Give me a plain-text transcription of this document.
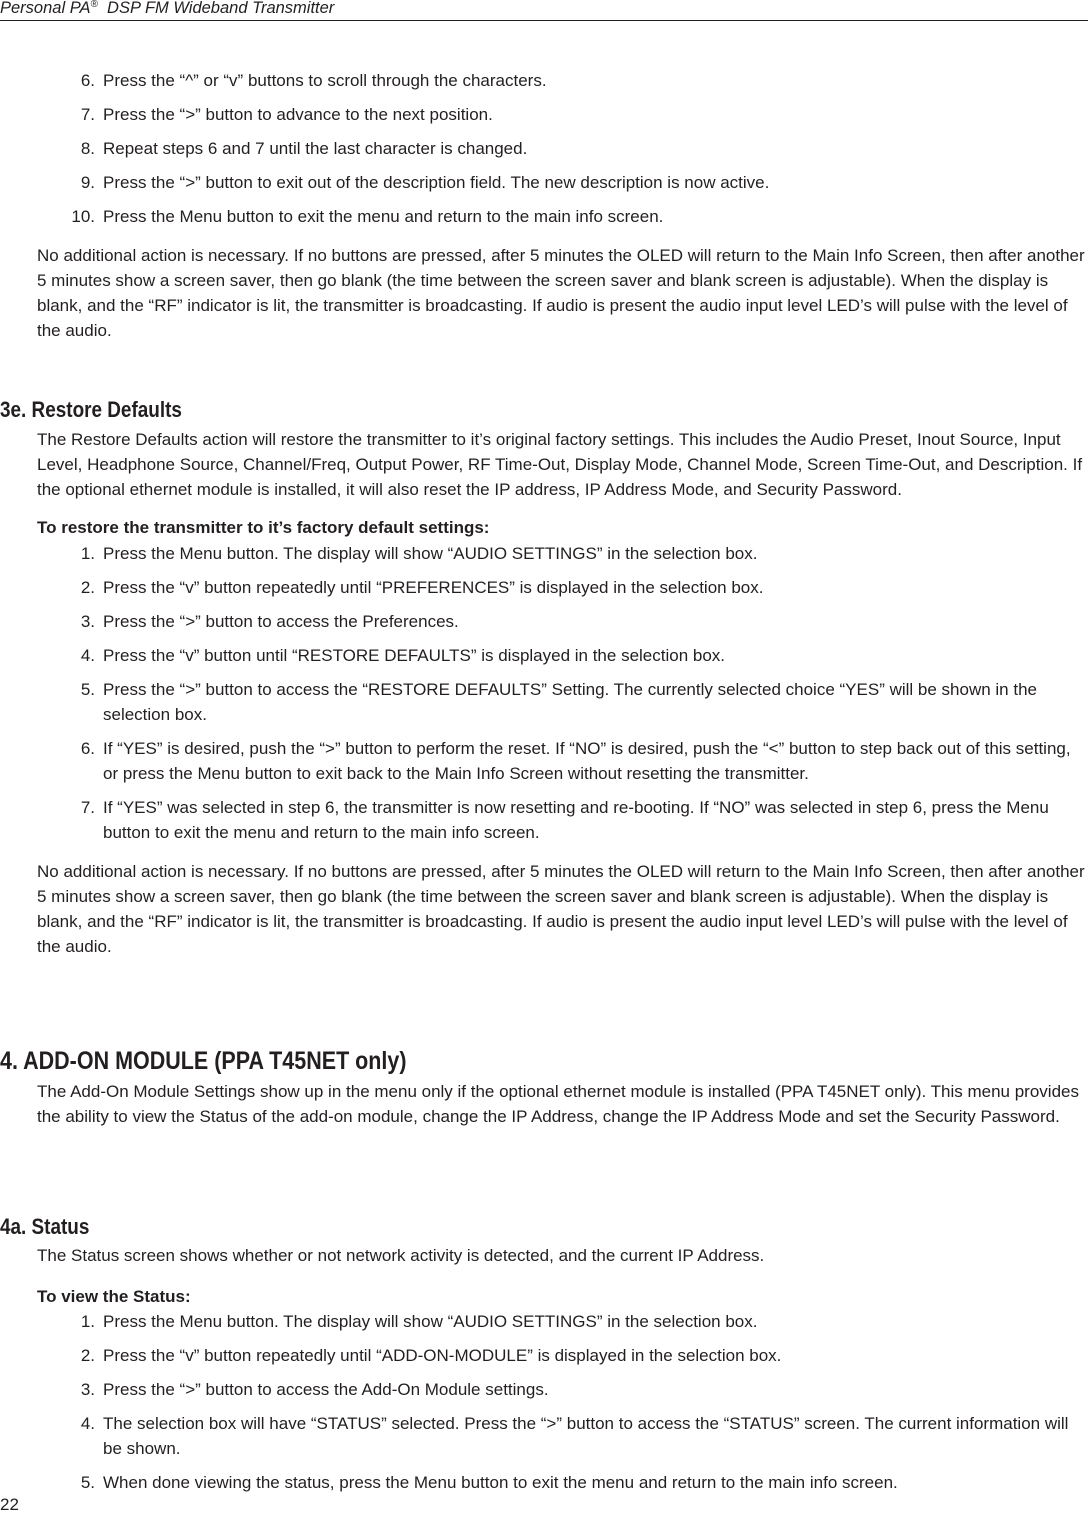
Personal PA® DSP FM Wideband Transmitter
6. Press the “^” or “v” buttons to scroll through the characters.
7. Press the “>” button to advance to the next position.
8. Repeat steps 6 and 7 until the last character is changed.
9. Press the “>” button to exit out of the description field. The new description is now active.
10. Press the Menu button to exit the menu and return to the main info screen.

No additional action is necessary. If no buttons are pressed, after 5 minutes the OLED will return to the Main Info Screen, then after another 5 minutes show a screen saver, then go blank (the time between the screen saver and blank screen is adjustable). When the display is blank, and the “RF” indicator is lit, the transmitter is broadcasting. If audio is present the audio input level LED’s will pulse with the level of the audio.

3e. Restore Defaults

The Restore Defaults action will restore the transmitter to it’s original factory settings. This includes the Audio Preset, Inout Source, Input Level, Headphone Source, Channel/Freq, Output Power, RF Time-Out, Display Mode, Channel Mode, Screen Time-Out, and Description. If the optional ethernet module is installed, it will also reset the IP address, IP Address Mode, and Security Password.

To restore the transmitter to it’s factory default settings:

1. Press the Menu button. The display will show “AUDIO SETTINGS” in the selection box.
2. Press the “v” button repeatedly until “PREFERENCES” is displayed in the selection box.
3. Press the “>” button to access the Preferences.
4. Press the “v” button until “RESTORE DEFAULTS” is displayed in the selection box.
5. Press the “>” button to access the “RESTORE DEFAULTS” Setting. The currently selected choice “YES” will be shown in the selection box.
6. If “YES” is desired, push the “>” button to perform the reset. If “NO” is desired, push the “<” button to step back out of this setting, or press the Menu button to exit back to the Main Info Screen without resetting the transmitter.
7. If “YES” was selected in step 6, the transmitter is now resetting and re-booting. If “NO” was selected in step 6, press the Menu button to exit the menu and return to the main info screen.

No additional action is necessary. If no buttons are pressed, after 5 minutes the OLED will return to the Main Info Screen, then after another 5 minutes show a screen saver, then go blank (the time between the screen saver and blank screen is adjustable). When the display is blank, and the “RF” indicator is lit, the transmitter is broadcasting. If audio is present the audio input level LED’s will pulse with the level of the audio.

4. ADD-ON MODULE (PPA T45NET only)

The Add-On Module Settings show up in the menu only if the optional ethernet module is installed (PPA T45NET only). This menu provides the ability to view the Status of the add-on module, change the IP Address, change the IP Address Mode and set the Security Password.

4a. Status

The Status screen shows whether or not network activity is detected, and the current IP Address.

To view the Status:

1. Press the Menu button. The display will show “AUDIO SETTINGS” in the selection box.
2. Press the “v” button repeatedly until “ADD-ON-MODULE” is displayed in the selection box.
3. Press the “>” button to access the Add-On Module settings.
4. The selection box will have “STATUS” selected. Press the “>” button to access the “STATUS” screen. The current information will be shown.
5. When done viewing the status, press the Menu button to exit the menu and return to the main info screen.
22
